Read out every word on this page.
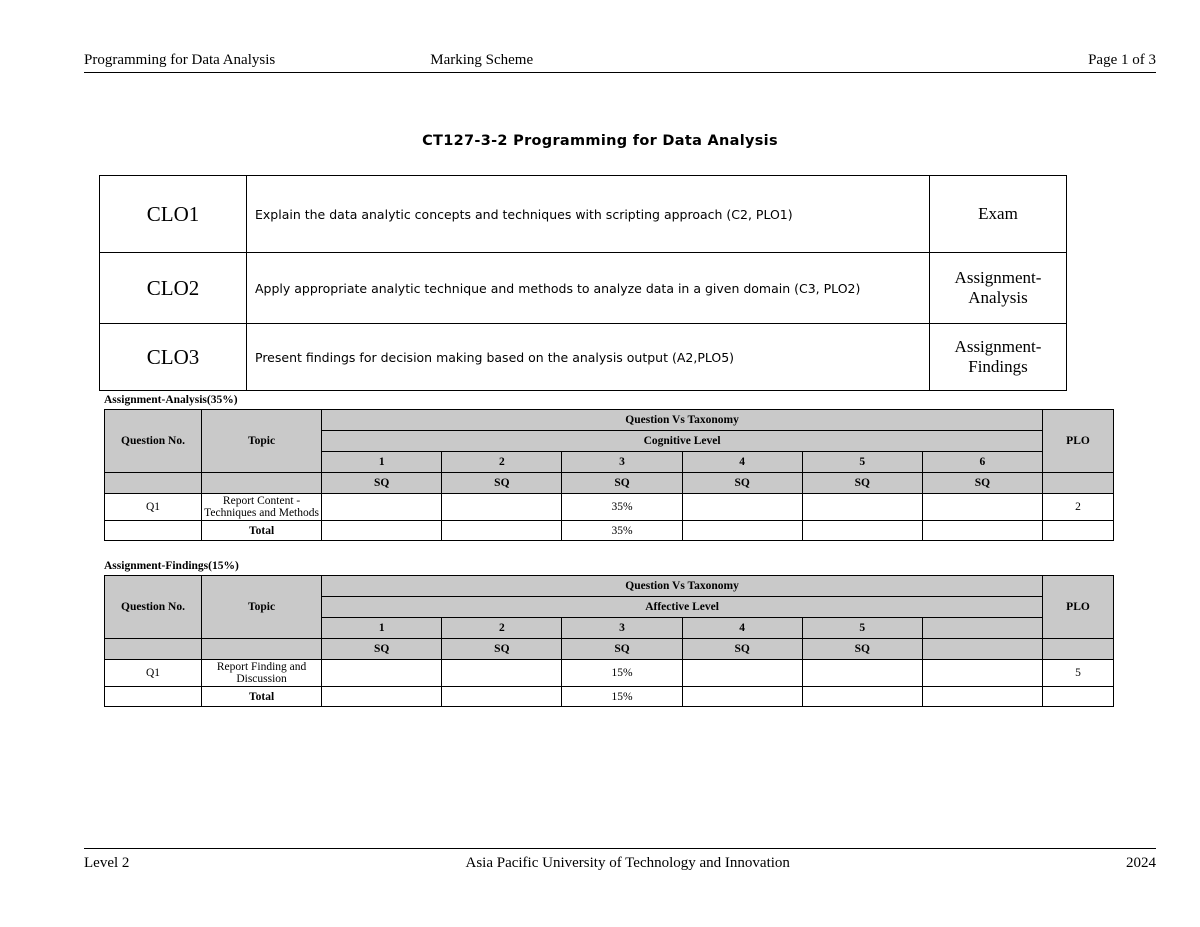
Programming for Data Analysis	Marking Scheme	Page 1 of 3
CT127-3-2 Programming for Data Analysis
CLO1	Explain the data analytic concepts and techniques with scripting approach (C2, PLO1)	Exam
CLO2	Apply appropriate analytic technique and methods to analyze data in a given domain (C3, PLO2)	Assignment-Analysis
CLO3	Present findings for decision making based on the analysis output (A2,PLO5)	Assignment-Findings
Assignment-Analysis(35%)
Question No.	Topic	Question Vs Taxonomy						PLO
		Cognitive Level						
		1	2	3	4	5	6	
		SQ	SQ	SQ	SQ	SQ	SQ	
Q1	Report Content - Techniques and Methods			35%				2
	Total			35%				
Assignment-Findings(15%)
Question No.	Topic	Question Vs Taxonomy						PLO
		Affective Level						
		1	2	3	4	5		
		SQ	SQ	SQ	SQ	SQ		
Q1	Report Finding and Discussion			15%				5
	Total			15%				
Level 2	Asia Pacific University of Technology and Innovation	2024
